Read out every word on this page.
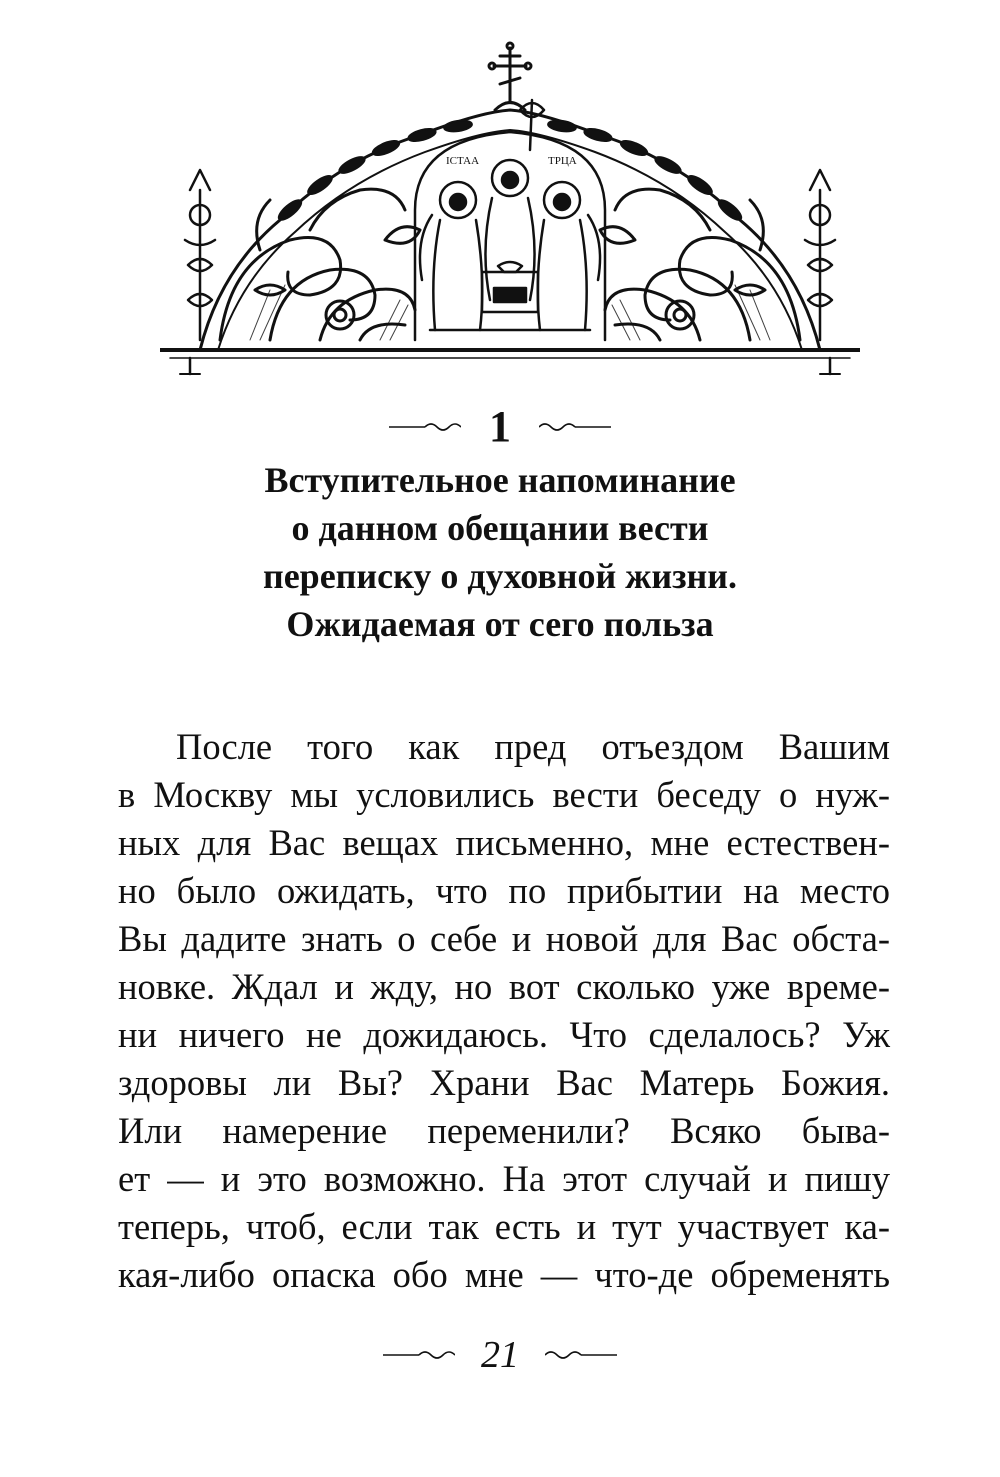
ІСТАА	ТРЦА
1
Вступительное напоминание
о данном обещании вести
переписку о духовной жизни.
Ожидаемая от сего польза

После того как пред отъездом Вашим
в Москву мы условились вести беседу о нуж-
ных для Вас вещах письменно, мне естествен-
но было ожидать, что по прибытии на место
Вы дадите знать о себе и новой для Вас обста-
новке. Ждал и жду, но вот сколько уже време-
ни ничего не дожидаюсь. Что сделалось? Уж
здоровы ли Вы? Храни Вас Матерь Божия.
Или намерение переменили? Всяко быва-
ет — и это возможно. На этот случай и пишу
теперь, чтоб, если так есть и тут участвует ка-
кая-либо опаска обо мне — что-де обременять

21
